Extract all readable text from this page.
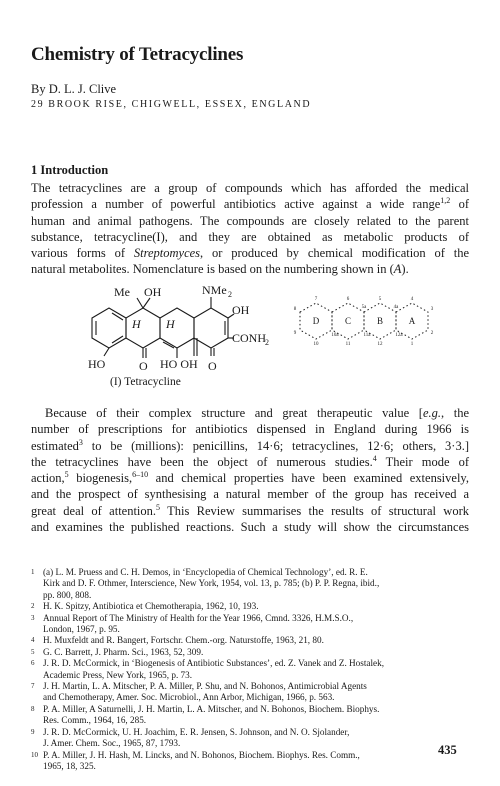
Chemistry of Tetracyclines
By D. L. J. Clive
29 BROOK RISE, CHIGWELL, ESSEX, ENGLAND
1 Introduction
The tetracyclines are a group of compounds which has afforded the medical
profession a number of powerful antibiotics active against a wide range$^{1,2}$ of
human and animal pathogens. The compounds are closely related to the parent
substance, tetracycline(I), and they are obtained as metabolic products of
various forms of Streptomyces, or produced by chemical modification of the
natural metabolites. Nomenclature is based on the numbering shown in (A).
Me OH	NMe 2
OH
CONH
2
HO	HO OH
H H
O	O
D	C	B	A
5a
6	5	4
4a	3
7
8
9
10
10a
11
11a
12
12a
1
2
(I) Tetracycline
Because of their complex structure and great therapeutic value [e.g., the
number of prescriptions for antibiotics dispensed in England during 1966 is
estimated$^3$ to be (millions): penicillins, 14·6; tetracyclines, 12·6; others, 3·3.]
the tetracyclines have been the object of numerous studies.$^4$ Their mode of
action,$^5$ biogenesis,$^{6-10}$ and chemical properties have been examined extensively,
and the prospect of synthesising a natural member of the group has received a
great deal of attention.$^5$ This Review summarises the results of structural work
and examines the published reactions. Such a study will show the circumstances
1 (a) L. M. Pruess and C. H. Demos, in ‘Encyclopedia of Chemical Technology’, ed. R. E.
Kirk and D. F. Othmer, Interscience, New York, 1954, vol. 13, p. 785; (b) P. P. Regna, ibid.,
pp. 800, 808.
2 H. K. Spitzy, Antibiotica et Chemotherapia, 1962, 10, 193.
3 Annual Report of The Ministry of Health for the Year 1966, Cmnd. 3326, H.M.S.O.,
London, 1967, p. 95.
4 H. Muxfeldt and R. Bangert, Fortschr. Chem.-org. Naturstoffe, 1963, 21, 80.
5 G. C. Barrett, J. Pharm. Sci., 1963, 52, 309.
6 J. R. D. McCormick, in ‘Biogenesis of Antibiotic Substances’, ed. Z. Vanek and Z. Hostalek,
Academic Press, New York, 1965, p. 73.
7 J. H. Martin, L. A. Mitscher, P. A. Miller, P. Shu, and N. Bohonos, Antimicrobial Agents
and Chemotherapy, Amer. Soc. Microbiol., Ann Arbor, Michigan, 1966, p. 563.
8 P. A. Miller, A Saturnelli, J. H. Martin, L. A. Mitscher, and N. Bohonos, Biochem. Biophys.
Res. Comm., 1964, 16, 285.
9 J. R. D. McCormick, U. H. Joachim, E. R. Jensen, S. Johnson, and N. O. Sjolander,
J. Amer. Chem. Soc., 1965, 87, 1793.
10 P. A. Miller, J. H. Hash, M. Lincks, and N. Bohonos, Biochem. Biophys. Res. Comm.,
1965, 18, 325.
435
